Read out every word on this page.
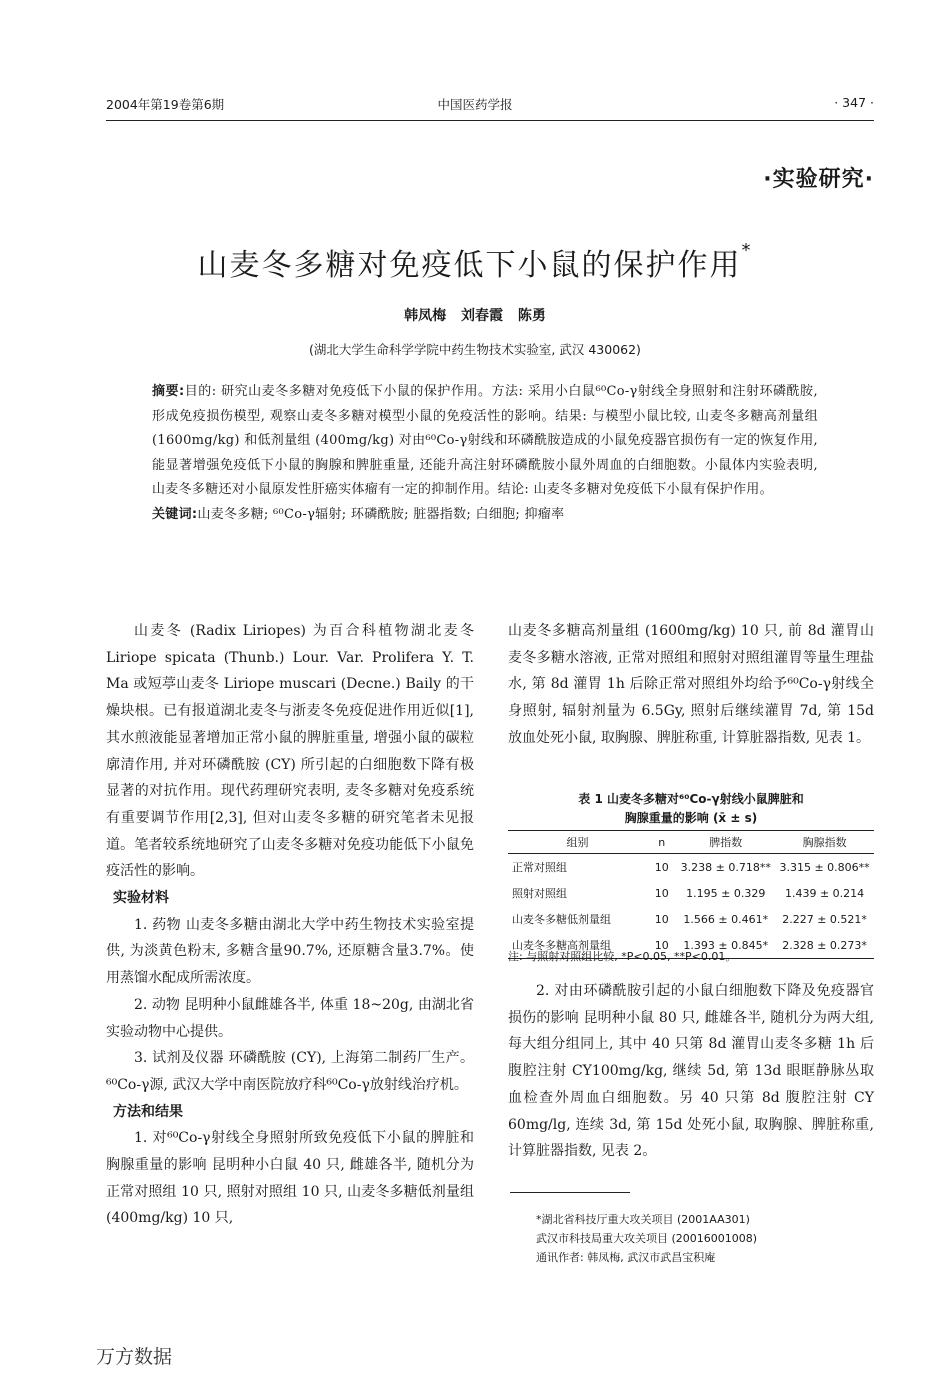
2004年第19卷第6期	中国医药学报	· 347 ·
·实验研究·
山麦冬多糖对免疫低下小鼠的保护作用*
韩凤梅 刘春霞 陈勇
(湖北大学生命科学学院中药生物技术实验室, 武汉 430062)
摘要:目的: 研究山麦冬多糖对免疫低下小鼠的保护作用。方法: 采用小白鼠⁶⁰Co-γ射线全身照射和注射环磷酰胺, 形成免疫损伤模型, 观察山麦冬多糖对模型小鼠的免疫活性的影响。结果: 与模型小鼠比较, 山麦冬多糖高剂量组 (1600mg/kg) 和低剂量组 (400mg/kg) 对由⁶⁰Co-γ射线和环磷酰胺造成的小鼠免疫器官损伤有一定的恢复作用, 能显著增强免疫低下小鼠的胸腺和脾脏重量, 还能升高注射环磷酰胺小鼠外周血的白细胞数。小鼠体内实验表明, 山麦冬多糖还对小鼠原发性肝癌实体瘤有一定的抑制作用。结论: 山麦冬多糖对免疫低下小鼠有保护作用。
关键词:山麦冬多糖; ⁶⁰Co-γ辐射; 环磷酰胺; 脏器指数; 白细胞; 抑瘤率

山麦冬 (Radix Liriopes) 为百合科植物湖北麦冬 Liriope spicata (Thunb.) Lour. Var. Prolifera Y. T. Ma 或短葶山麦冬 Liriope muscari (Decne.) Baily 的干燥块根。已有报道湖北麦冬与浙麦冬免疫促进作用近似[1], 其水煎液能显著增加正常小鼠的脾脏重量, 增强小鼠的碳粒廓清作用, 并对环磷酰胺 (CY) 所引起的白细胞数下降有极显著的对抗作用。现代药理研究表明, 麦冬多糖对免疫系统有重要调节作用[2,3], 但对山麦冬多糖的研究笔者未见报道。笔者较系统地研究了山麦冬多糖对免疫功能低下小鼠免疫活性的影响。

实验材料

1. 药物 山麦冬多糖由湖北大学中药生物技术实验室提供, 为淡黄色粉末, 多糖含量90.7%, 还原糖含量3.7%。使用蒸馏水配成所需浓度。

2. 动物 昆明种小鼠雌雄各半, 体重 18~20g, 由湖北省实验动物中心提供。

3. 试剂及仪器 环磷酰胺 (CY), 上海第二制药厂生产。⁶⁰Co-γ源, 武汉大学中南医院放疗科⁶⁰Co-γ放射线治疗机。

方法和结果

1. 对⁶⁰Co-γ射线全身照射所致免疫低下小鼠的脾脏和胸腺重量的影响 昆明种小白鼠 40 只, 雌雄各半, 随机分为正常对照组 10 只, 照射对照组 10 只, 山麦冬多糖低剂量组 (400mg/kg) 10 只,

山麦冬多糖高剂量组 (1600mg/kg) 10 只, 前 8d 灌胃山麦冬多糖水溶液, 正常对照组和照射对照组灌胃等量生理盐水, 第 8d 灌胃 1h 后除正常对照组外均给予⁶⁰Co-γ射线全身照射, 辐射剂量为 6.5Gy, 照射后继续灌胃 7d, 第 15d 放血处死小鼠, 取胸腺、脾脏称重, 计算脏器指数, 见表 1。

表 1 山麦冬多糖对⁶⁰Co-γ射线小鼠脾脏和
胸腺重量的影响 (x̄ ± s)
组别	n	脾指数	胸腺指数
正常对照组	10	3.238 ± 0.718**	3.315 ± 0.806**
照射对照组	10	1.195 ± 0.329	1.439 ± 0.214
山麦冬多糖低剂量组	10	1.566 ± 0.461*	2.227 ± 0.521*
山麦冬多糖高剂量组	10	1.393 ± 0.845*	2.328 ± 0.273*
注: 与照射对照组比较, *P<0.05, **P<0.01。

2. 对由环磷酰胺引起的小鼠白细胞数下降及免疫器官损伤的影响 昆明种小鼠 80 只, 雌雄各半, 随机分为两大组, 每大组分组同上, 其中 40 只第 8d 灌胃山麦冬多糖 1h 后腹腔注射 CY100mg/kg, 继续 5d, 第 13d 眼眶静脉丛取血检查外周血白细胞数。另 40 只第 8d 腹腔注射 CY 60mg/lg, 连续 3d, 第 15d 处死小鼠, 取胸腺、脾脏称重, 计算脏器指数, 见表 2。

*湖北省科技厅重大攻关项目 (2001AA301)

武汉市科技局重大攻关项目 (20016001008)

通讯作者: 韩凤梅, 武汉市武昌宝积庵

万方数据
